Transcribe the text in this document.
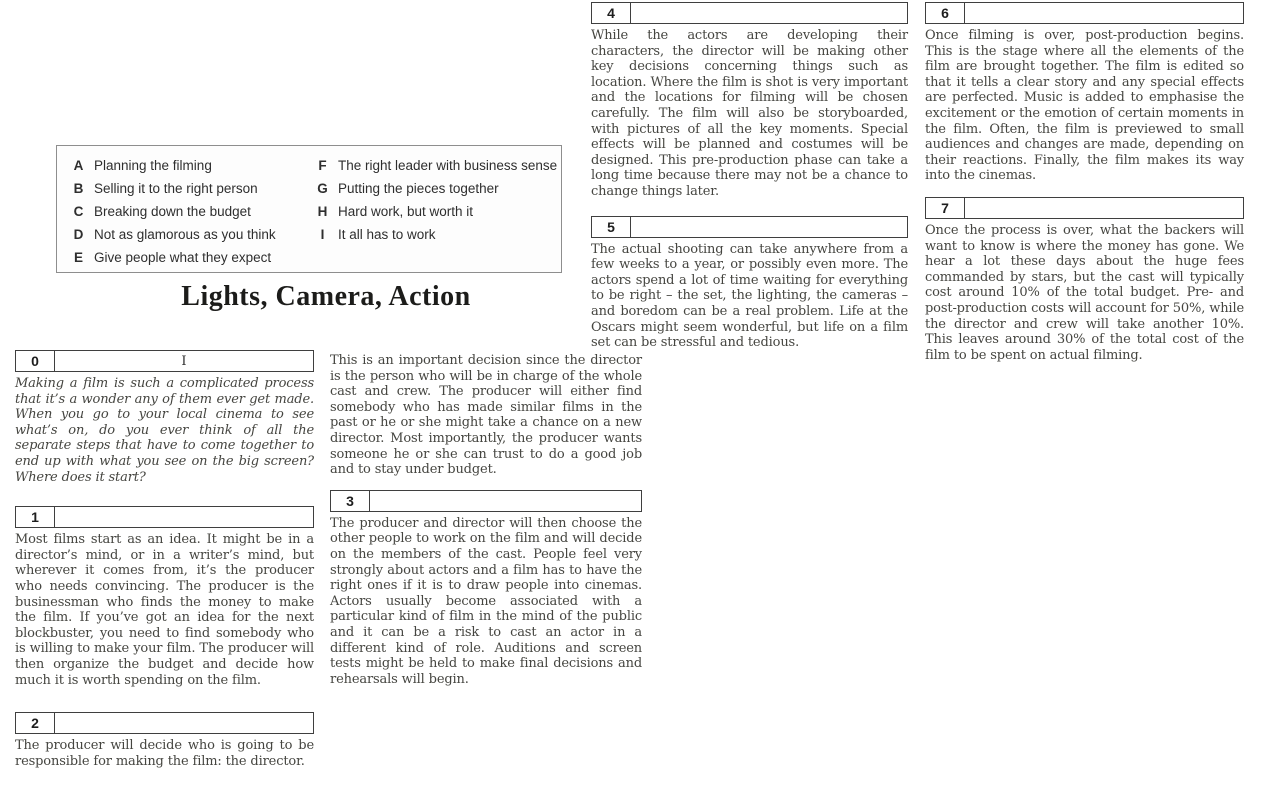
A Planning the filming
B Selling it to the right person
C Breaking down the budget
D Not as glamorous as you think
E Give people what they expect
F The right leader with business sense
G Putting the pieces together
H Hard work, but worth it
I It all has to work
Lights, Camera, Action
0	I
Making a film is such a complicated process that it’s a wonder any of them ever get made. When you go to your local cinema to see what’s on, do you ever think of all the separate steps that have to come together to end up with what you see on the big screen? Where does it start?
1
Most films start as an idea. It might be in a director’s mind, or in a writer’s mind, but wherever it comes from, it’s the producer who needs convincing. The producer is the businessman who finds the money to make the film. If you’ve got an idea for the next blockbuster, you need to find somebody who is willing to make your film. The producer will then organize the budget and decide how much it is worth spending on the film.
2
The producer will decide who is going to be responsible for making the film: the director.
This is an important decision since the director is the person who will be in charge of the whole cast and crew. The producer will either find somebody who has made similar films in the past or he or she might take a chance on a new director. Most importantly, the producer wants someone he or she can trust to do a good job and to stay under budget.
3
The producer and director will then choose the other people to work on the film and will decide on the members of the cast. People feel very strongly about actors and a film has to have the right ones if it is to draw people into cinemas. Actors usually become associated with a particular kind of film in the mind of the public and it can be a risk to cast an actor in a different kind of role. Auditions and screen tests might be held to make final decisions and rehearsals will begin.
4
While the actors are developing their characters, the director will be making other key decisions concerning things such as location. Where the film is shot is very important and the locations for filming will be chosen carefully. The film will also be storyboarded, with pictures of all the key moments. Special effects will be planned and costumes will be designed. This pre-production phase can take a long time because there may not be a chance to change things later.
5
The actual shooting can take anywhere from a few weeks to a year, or possibly even more. The actors spend a lot of time waiting for everything to be right – the set, the lighting, the cameras – and boredom can be a real problem. Life at the Oscars might seem wonderful, but life on a film set can be stressful and tedious.
6
Once filming is over, post-production begins. This is the stage where all the elements of the film are brought together. The film is edited so that it tells a clear story and any special effects are perfected. Music is added to emphasise the excitement or the emotion of certain moments in the film. Often, the film is previewed to small audiences and changes are made, depending on their reactions. Finally, the film makes its way into the cinemas.
7
Once the process is over, what the backers will want to know is where the money has gone. We hear a lot these days about the huge fees commanded by stars, but the cast will typically cost around 10% of the total budget. Pre- and post-production costs will account for 50%, while the director and crew will take another 10%. This leaves around 30% of the total cost of the film to be spent on actual filming.
